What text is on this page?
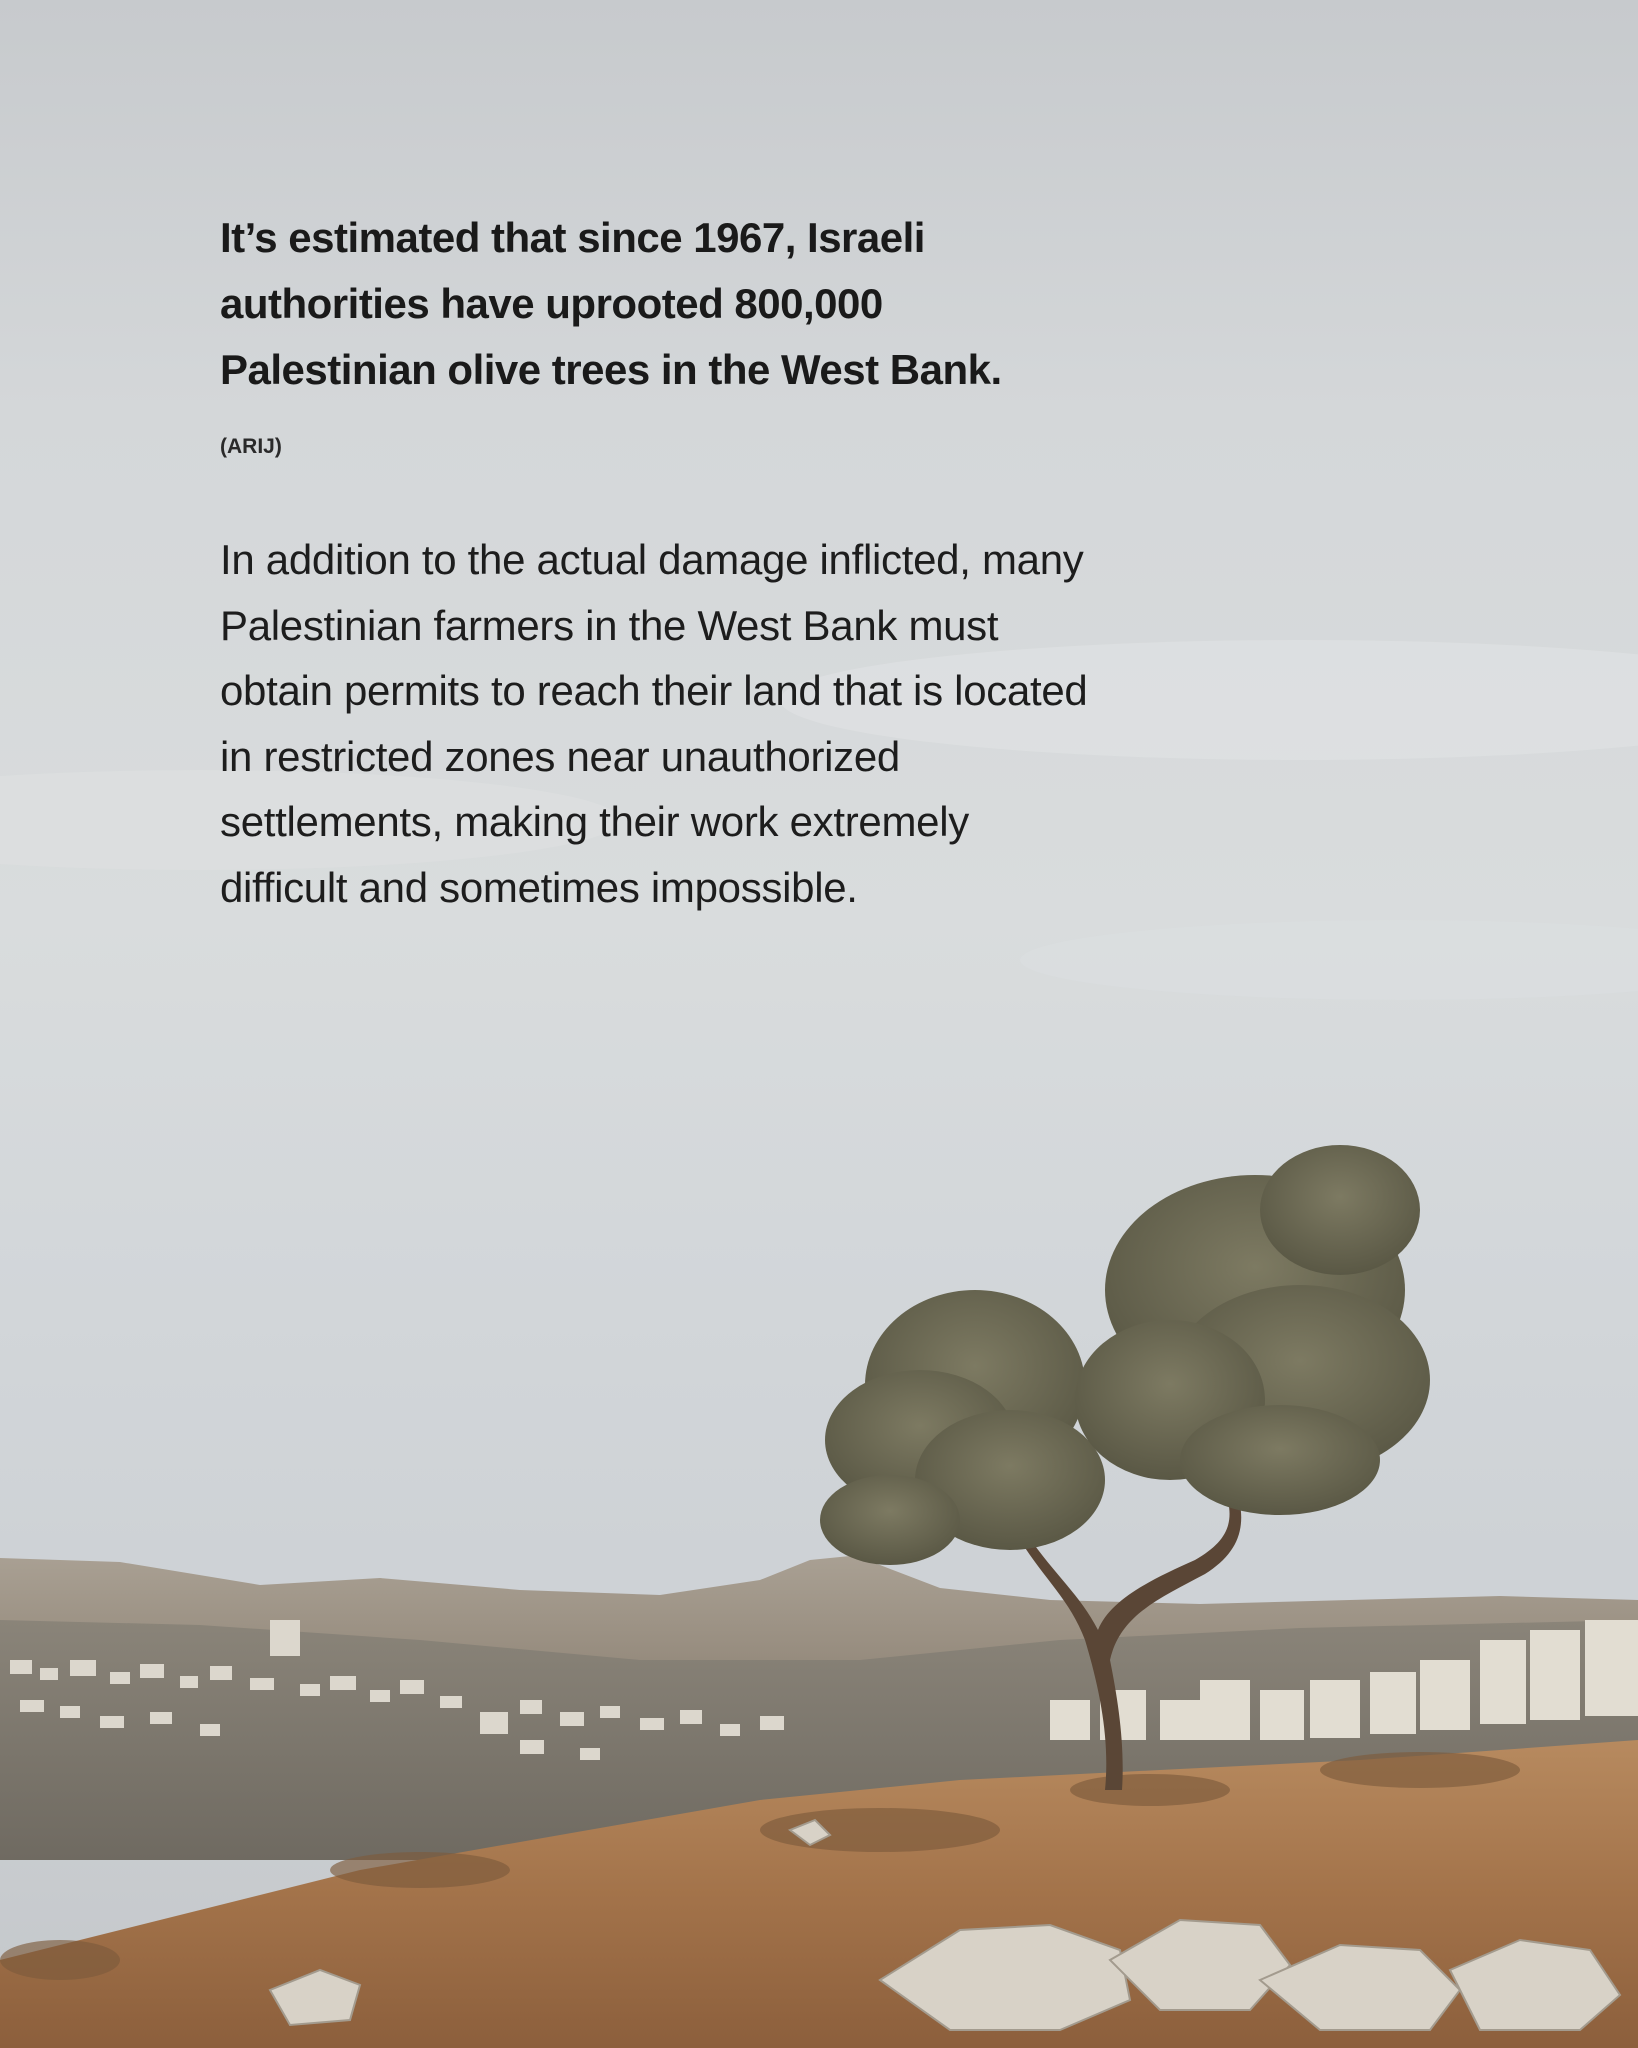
It’s estimated that since 1967, Israeli authorities have uprooted 800,000 Palestinian olive trees in the West Bank.

(ARIJ)

In addition to the actual damage inflicted, many Palestinian farmers in the West Bank must obtain permits to reach their land that is located in restricted zones near unauthorized settlements, making their work extremely difficult and sometimes impossible.
